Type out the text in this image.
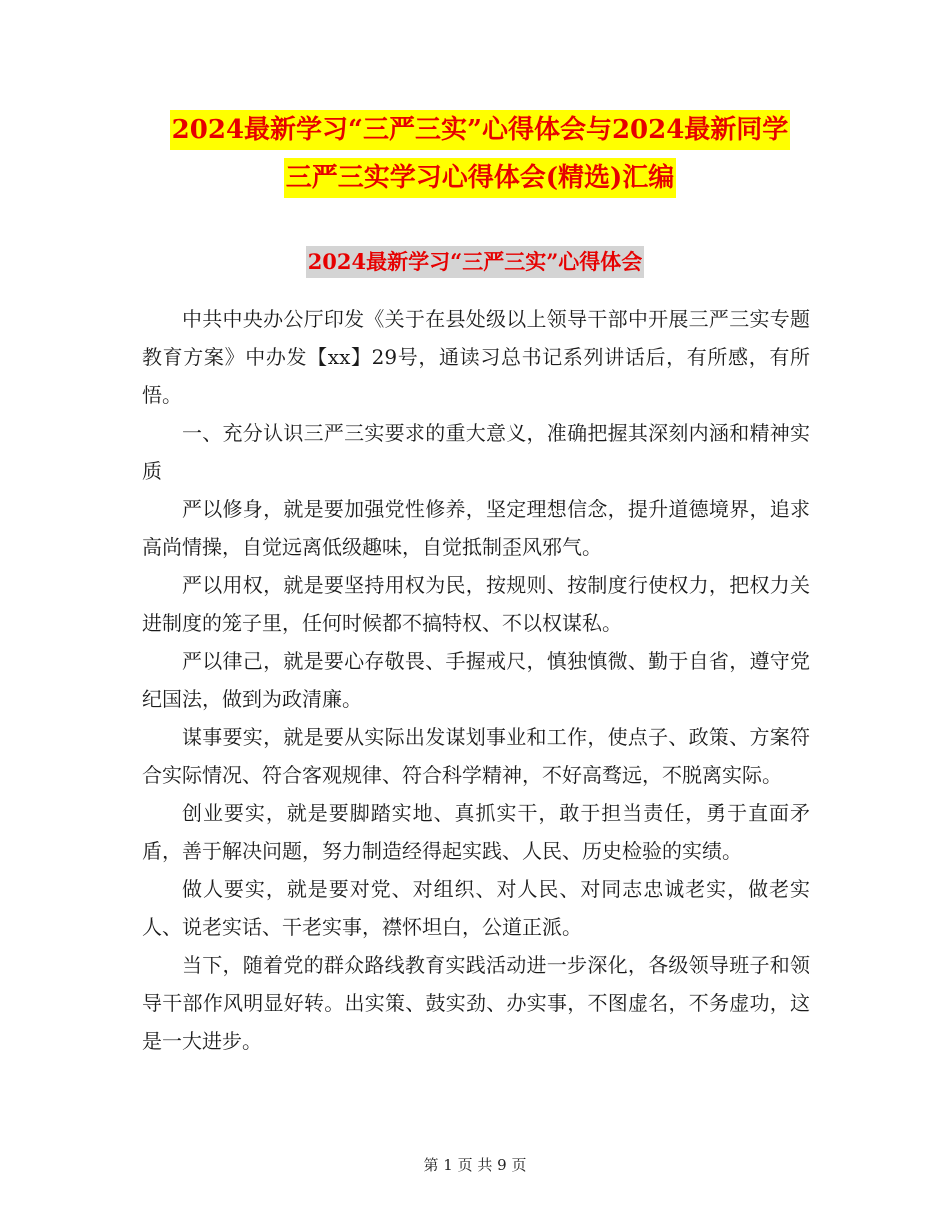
2024最新学习“三严三实”心得体会与2024最新同学
三严三实学习心得体会(精选)汇编
2024最新学习“三严三实”心得体会

中共中央办公厅印发《关于在县处级以上领导干部中开展三严三实专题教育方案》中办发【xx】29号，通读习总书记系列讲话后，有所感，有所悟。

一、充分认识三严三实要求的重大意义，准确把握其深刻内涵和精神实质

严以修身，就是要加强党性修养，坚定理想信念，提升道德境界，追求高尚情操，自觉远离低级趣味，自觉抵制歪风邪气。

严以用权，就是要坚持用权为民，按规则、按制度行使权力，把权力关进制度的笼子里，任何时候都不搞特权、不以权谋私。

严以律己，就是要心存敬畏、手握戒尺，慎独慎微、勤于自省，遵守党纪国法，做到为政清廉。

谋事要实，就是要从实际出发谋划事业和工作，使点子、政策、方案符合实际情况、符合客观规律、符合科学精神，不好高骛远，不脱离实际。

创业要实，就是要脚踏实地、真抓实干，敢于担当责任，勇于直面矛盾，善于解决问题，努力制造经得起实践、人民、历史检验的实绩。

做人要实，就是要对党、对组织、对人民、对同志忠诚老实，做老实人、说老实话、干老实事，襟怀坦白，公道正派。

当下，随着党的群众路线教育实践活动进一步深化，各级领导班子和领导干部作风明显好转。出实策、鼓实劲、办实事，不图虚名，不务虚功，这是一大进步。

第 1 页 共 9 页
